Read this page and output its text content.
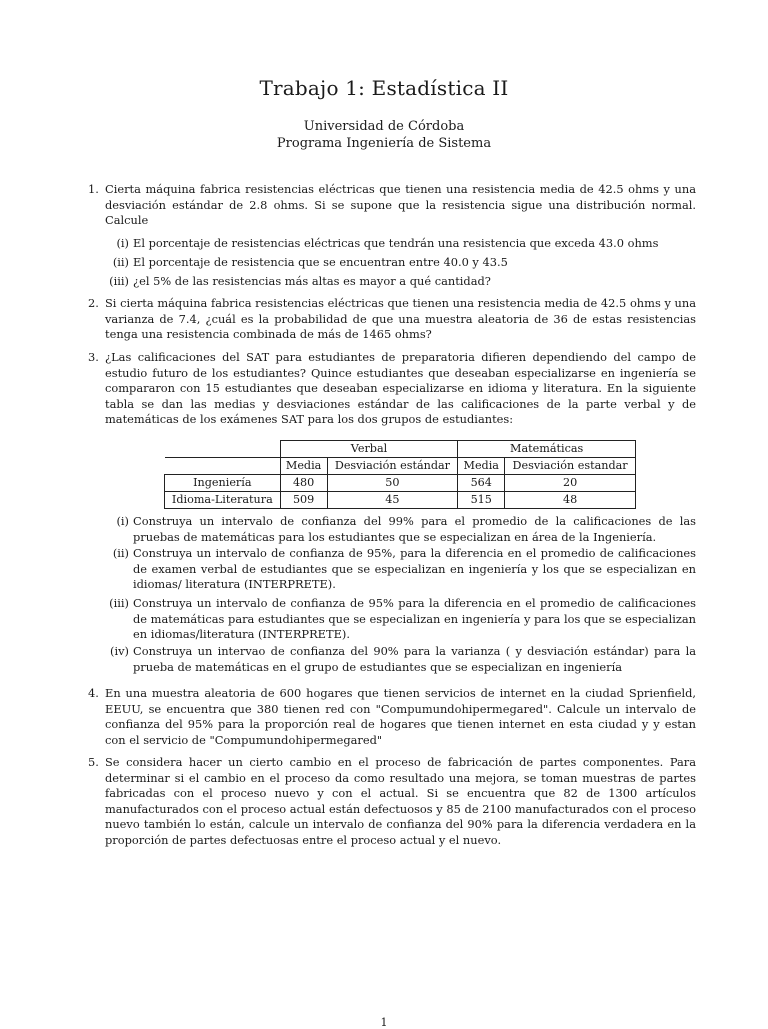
Trabajo 1: Estadística II
Universidad de Córdoba
Programa Ingeniería de Sistema
1. Cierta máquina fabrica resistencias eléctricas que tienen una resistencia media de 42.5 ohms y una desviación estándar de 2.8 ohms. Si se supone que la resistencia sigue una distribución normal. Calcule
(i) El porcentaje de resistencias eléctricas que tendrán una resistencia que exceda 43.0 ohms
(ii) El porcentaje de resistencia que se encuentran entre 40.0 y 43.5
(iii) ¿el 5% de las resistencias más altas es mayor a qué cantidad?
2. Si cierta máquina fabrica resistencias eléctricas que tienen una resistencia media de 42.5 ohms y una varianza de 7.4, ¿cuál es la probabilidad de que una muestra aleatoria de 36 de estas resistencias tenga una resistencia combinada de más de 1465 ohms?
3. ¿Las calificaciones del SAT para estudiantes de preparatoria difieren dependiendo del campo de estudio futuro de los estudiantes? Quince estudiantes que deseaban especializarse en ingeniería se compararon con 15 estudiantes que deseaban especializarse en idioma y literatura. En la siguiente tabla se dan las medias y desviaciones estándar de las calificaciones de la parte verbal y de matemáticas de los exámenes SAT para los dos grupos de estudiantes:
	Verbal		Matemáticas	
	Media	Desviación estándar	Media	Desviación estandar
Ingeniería	480	50	564	20
Idioma-Literatura	509	45	515	48
(i) Construya un intervalo de confianza del 99% para el promedio de la calificaciones de las pruebas de matemáticas para los estudiantes que se especializan en área de la Ingeniería.
(ii) Construya un intervalo de confianza de 95%, para la diferencia en el promedio de calificaciones de examen verbal de estudiantes que se especializan en ingeniería y los que se especializan en idiomas/ literatura (INTERPRETE).
(iii) Construya un intervalo de confianza de 95% para la diferencia en el promedio de calificaciones de matemáticas para estudiantes que se especializan en ingeniería y para los que se especializan en idiomas/literatura (INTERPRETE).
(iv) Construya un intervao de confianza del 90% para la varianza ( y desviación estándar) para la prueba de matemáticas en el grupo de estudiantes que se especializan en ingeniería
4. En una muestra aleatoria de 600 hogares que tienen servicios de internet en la ciudad Sprienfield, EEUU, se encuentra que 380 tienen red con "Compumundohipermegared". Calcule un intervalo de confianza del 95% para la proporción real de hogares que tienen internet en esta ciudad y y estan con el servicio de "Compumundohipermegared"
5. Se considera hacer un cierto cambio en el proceso de fabricación de partes componentes. Para determinar si el cambio en el proceso da como resultado una mejora, se toman muestras de partes fabricadas con el proceso nuevo y con el actual. Si se encuentra que 82 de 1300 artículos manufacturados con el proceso actual están defectuosos y 85 de 2100 manufacturados con el proceso nuevo también lo están, calcule un intervalo de confianza del 90% para la diferencia verdadera en la proporción de partes defectuosas entre el proceso actual y el nuevo.
1
